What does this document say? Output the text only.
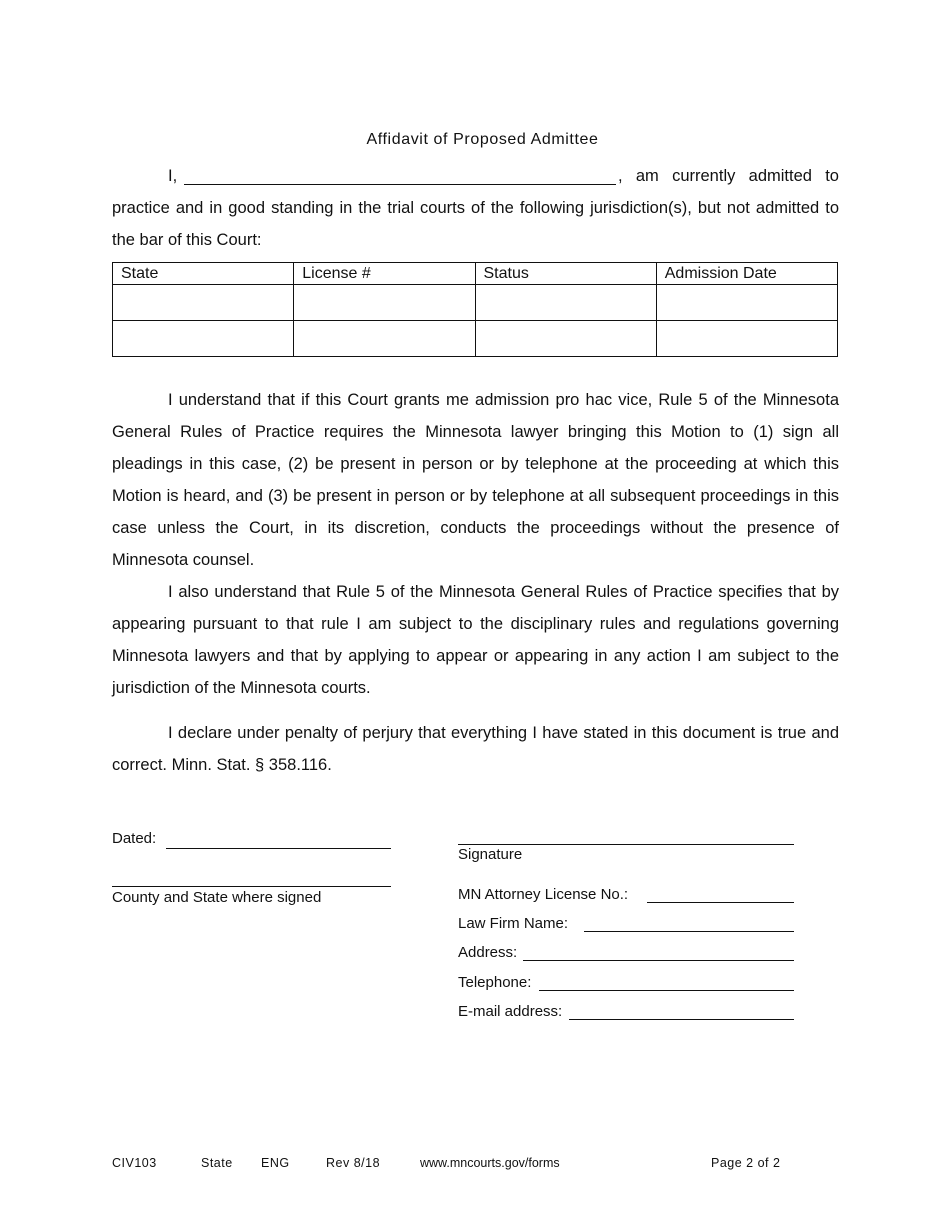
Affidavit of Proposed Admittee
I,	, am currently admitted to

practice and in good standing in the trial courts of the following jurisdiction(s), but not admitted to the bar of this Court:

State	License #	Status	Admission Date

I understand that if this Court grants me admission pro hac vice, Rule 5 of the Minnesota General Rules of Practice requires the Minnesota lawyer bringing this Motion to (1) sign all pleadings in this case, (2) be present in person or by telephone at the proceeding at which this Motion is heard, and (3) be present in person or by telephone at all subsequent proceedings in this case unless the Court, in its discretion, conducts the proceedings without the presence of Minnesota counsel.

I also understand that Rule 5 of the Minnesota General Rules of Practice specifies that by appearing pursuant to that rule I am subject to the disciplinary rules and regulations governing Minnesota lawyers and that by applying to appear or appearing in any action I am subject to the jurisdiction of the Minnesota courts.

I declare under penalty of perjury that everything I have stated in this document is true and correct. Minn. Stat. § 358.116.

Dated:
County and State where signed
Signature
MN Attorney License No.:
Law Firm Name:
Address:
Telephone:
E-mail address:
CIV103	State ENG	Rev 8/18	www.mncourts.gov/forms	Page 2 of 2
